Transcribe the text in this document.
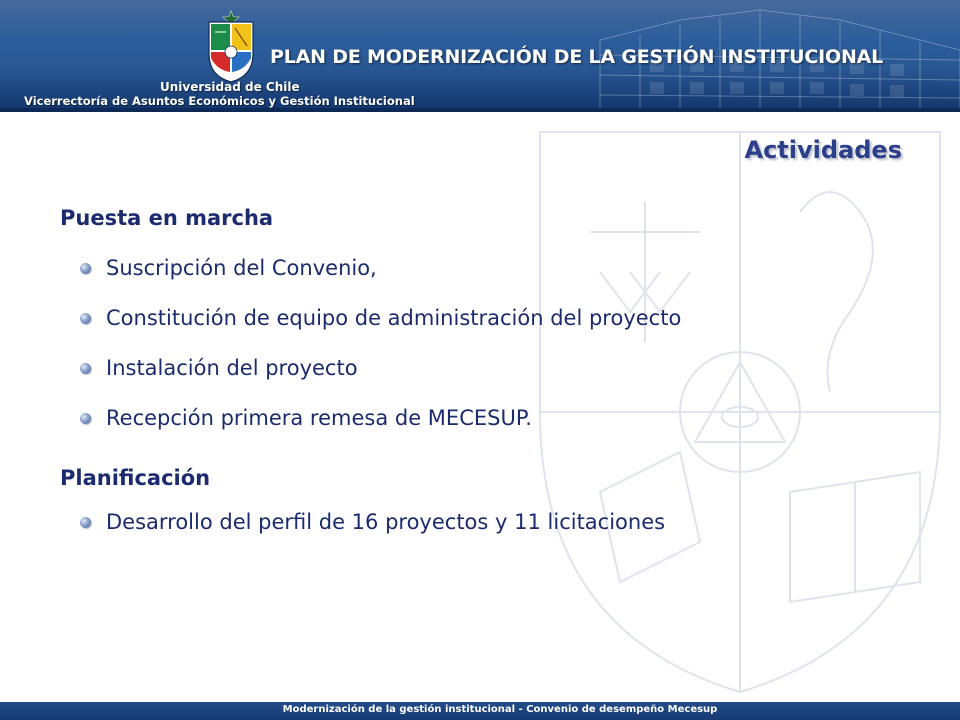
PLAN DE MODERNIZACIÓN DE LA GESTIÓN INSTITUCIONAL
Universidad de Chile
Vicerrectoría de Asuntos Económicos y Gestión Institucional
Actividades
Puesta en marcha
Suscripción del Convenio,
Constitución de equipo de administración del proyecto
Instalación del proyecto
Recepción primera remesa de MECESUP.
Planificación
Desarrollo del perfil de 16 proyectos y 11 licitaciones
Modernización de la gestión institucional - Convenio de desempeño Mecesup
